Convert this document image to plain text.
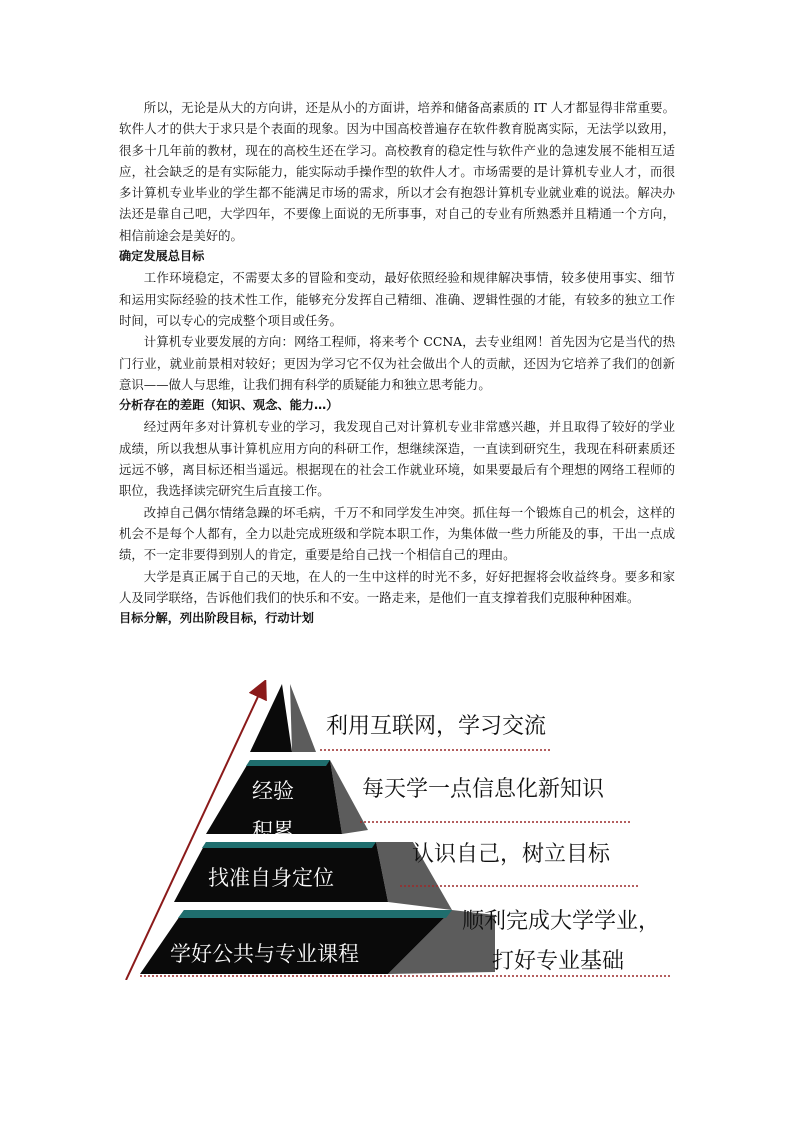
所以，无论是从大的方向讲，还是从小的方面讲，培养和储备高素质的 IT 人才都显得非常重要。软件人才的供大于求只是个表面的现象。因为中国高校普遍存在软件教育脱离实际，无法学以致用，很多十几年前的教材，现在的高校生还在学习。高校教育的稳定性与软件产业的急速发展不能相互适应，社会缺乏的是有实际能力，能实际动手操作型的软件人才。市场需要的是计算机专业人才，而很多计算机专业毕业的学生都不能满足市场的需求，所以才会有抱怨计算机专业就业难的说法。解决办法还是靠自己吧，大学四年，不要像上面说的无所事事，对自己的专业有所熟悉并且精通一个方向，相信前途会是美好的。

确定发展总目标

工作环境稳定，不需要太多的冒险和变动，最好依照经验和规律解决事情，较多使用事实、细节和运用实际经验的技术性工作，能够充分发挥自己精细、准确、逻辑性强的才能，有较多的独立工作时间，可以专心的完成整个项目或任务。

计算机专业要发展的方向：网络工程师，将来考个 CCNA，去专业组网！首先因为它是当代的热门行业，就业前景相对较好；更因为学习它不仅为社会做出个人的贡献，还因为它培养了我们的创新意识——做人与思维，让我们拥有科学的质疑能力和独立思考能力。

分析存在的差距（知识、观念、能力…）

经过两年多对计算机专业的学习，我发现自己对计算机专业非常感兴趣，并且取得了较好的学业成绩，所以我想从事计算机应用方向的科研工作，想继续深造，一直读到研究生，我现在科研素质还远远不够，离目标还相当遥远。根据现在的社会工作就业环境，如果要最后有个理想的网络工程师的职位，我选择读完研究生后直接工作。

改掉自己偶尔情绪急躁的坏毛病，千万不和同学发生冲突。抓住每一个锻炼自己的机会，这样的机会不是每个人都有，全力以赴完成班级和学院本职工作，为集体做一些力所能及的事，干出一点成绩，不一定非要得到别人的肯定，重要是给自己找一个相信自己的理由。

大学是真正属于自己的天地，在人的一生中这样的时光不多，好好把握将会收益终身。要多和家人及同学联络，告诉他们我们的快乐和不安。一路走来，是他们一直支撑着我们克服种种困难。

目标分解，列出阶段目标，行动计划

利用互联网，学习交流
每天学一点信息化新知识
认识自己，树立目标
顺利完成大学学业，
打好专业基础
经验
积累
找准自身定位
学好公共与专业课程
